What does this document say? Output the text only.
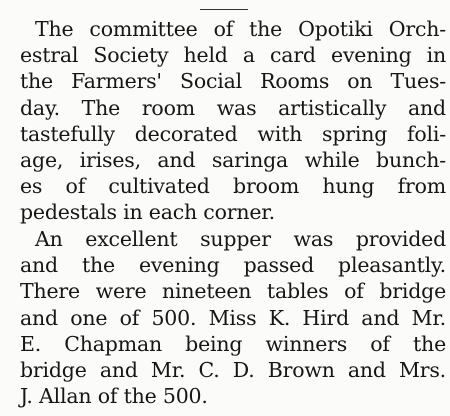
The committee of the Opotiki Orch-
estral Society held a card evening in
the Farmers' Social Rooms on Tues-
day. The room was artistically and
tastefully decorated with spring foli-
age, irises, and saringa while bunch-
es of cultivated broom hung from
pedestals in each corner.

An excellent supper was provided
and the evening passed pleasantly.
There were nineteen tables of bridge
and one of 500. Miss K. Hird and Mr.
E. Chapman being winners of the
bridge and Mr. C. D. Brown and Mrs.
J. Allan of the 500.
